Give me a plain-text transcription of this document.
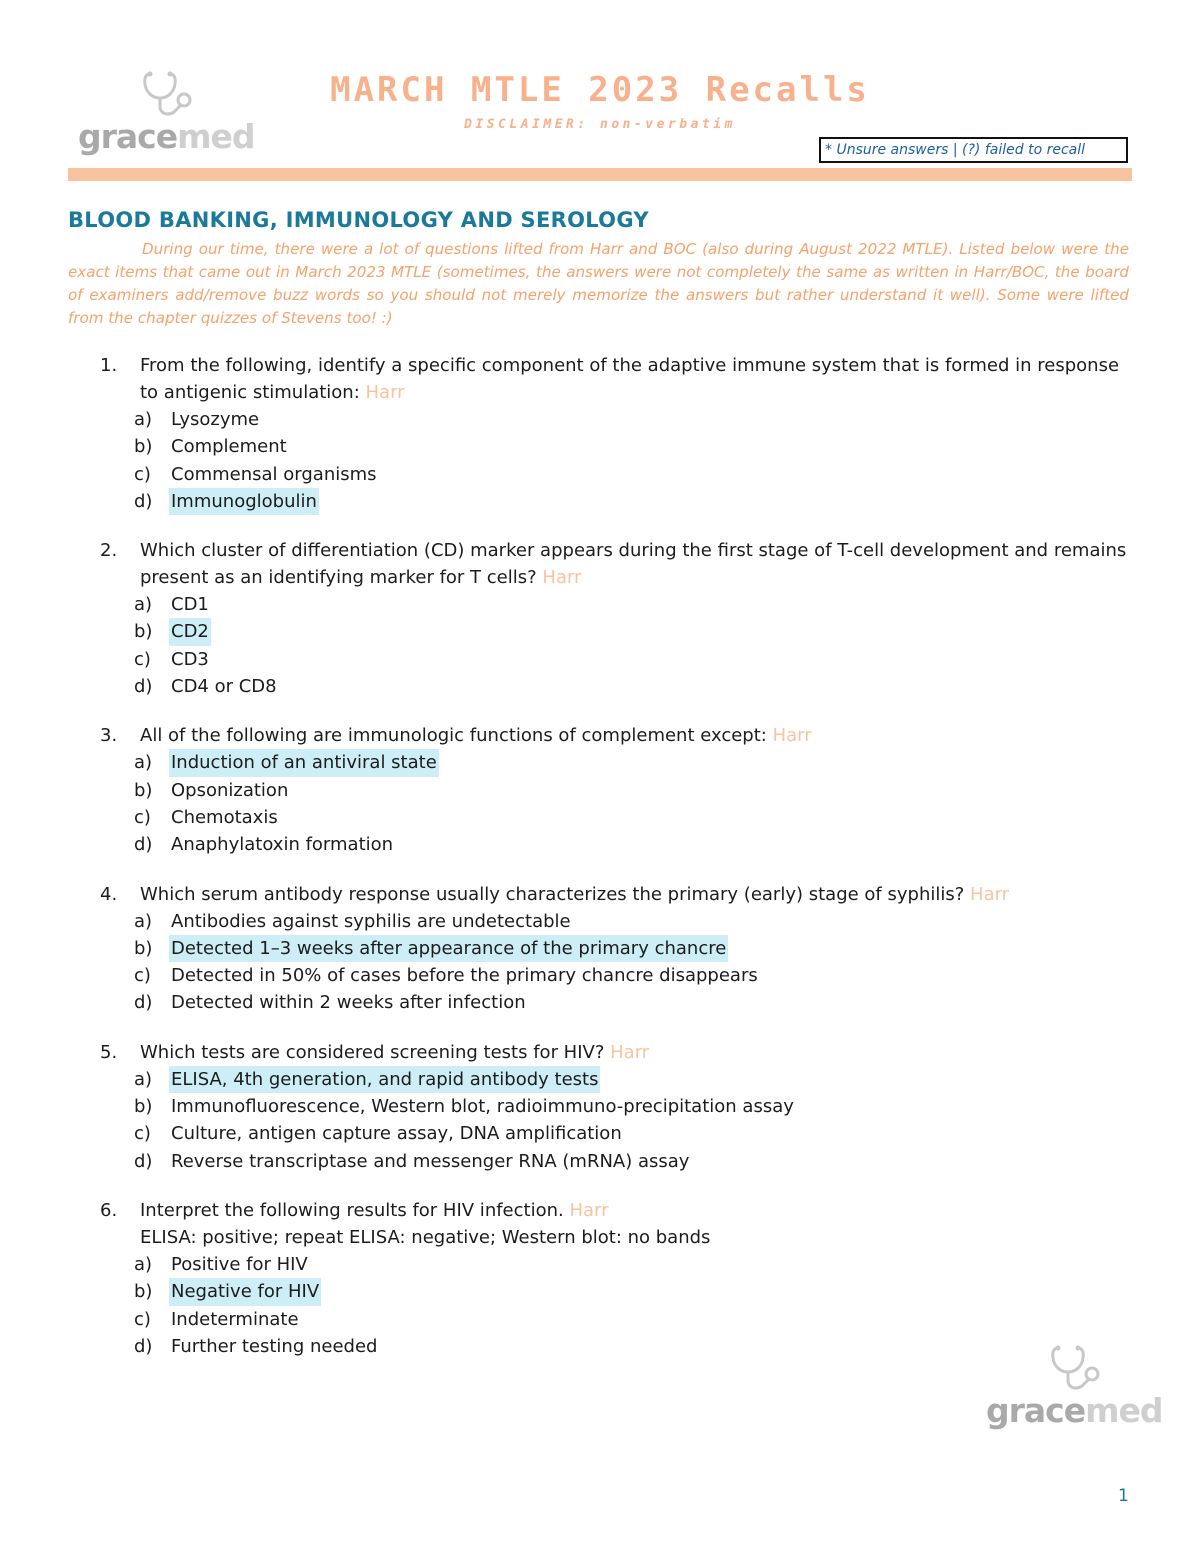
gracemed
MARCH MTLE 2023 Recalls
DISCLAIMER: non-verbatim
* Unsure answers | (?) failed to recall
BLOOD BANKING, IMMUNOLOGY AND SEROLOGY

During our time, there were a lot of questions lifted from Harr and BOC (also during August 2022 MTLE). Listed below were the exact items that came out in March 2023 MTLE (sometimes, the answers were not completely the same as written in Harr/BOC, the board of examiners add/remove buzz words so you should not merely memorize the answers but rather understand it well). Some were lifted from the chapter quizzes of Stevens too! :)

1.	From the following, identify a specific component of the adaptive immune system that is formed in response to antigenic stimulation: Harr
a)	Lysozyme
b)	Complement
c)	Commensal organisms
d)	Immunoglobulin
2.	Which cluster of differentiation (CD) marker appears during the first stage of T-cell development and remains present as an identifying marker for T cells? Harr
a)	CD1
b)	CD2
c)	CD3
d)	CD4 or CD8
3.	All of the following are immunologic functions of complement except: Harr
a)	Induction of an antiviral state
b)	Opsonization
c)	Chemotaxis
d)	Anaphylatoxin formation
4.	Which serum antibody response usually characterizes the primary (early) stage of syphilis? Harr
a)	Antibodies against syphilis are undetectable
b)	Detected 1–3 weeks after appearance of the primary chancre
c)	Detected in 50% of cases before the primary chancre disappears
d)	Detected within 2 weeks after infection
5.	Which tests are considered screening tests for HIV? Harr
a)	ELISA, 4th generation, and rapid antibody tests
b)	Immunofluorescence, Western blot, radioimmuno-precipitation assay
c)	Culture, antigen capture assay, DNA amplification
d)	Reverse transcriptase and messenger RNA (mRNA) assay
6.	Interpret the following results for HIV infection. Harr
ELISA: positive; repeat ELISA: negative; Western blot: no bands
a)	Positive for HIV
b)	Negative for HIV
c)	Indeterminate
d)	Further testing needed
gracemed
1
